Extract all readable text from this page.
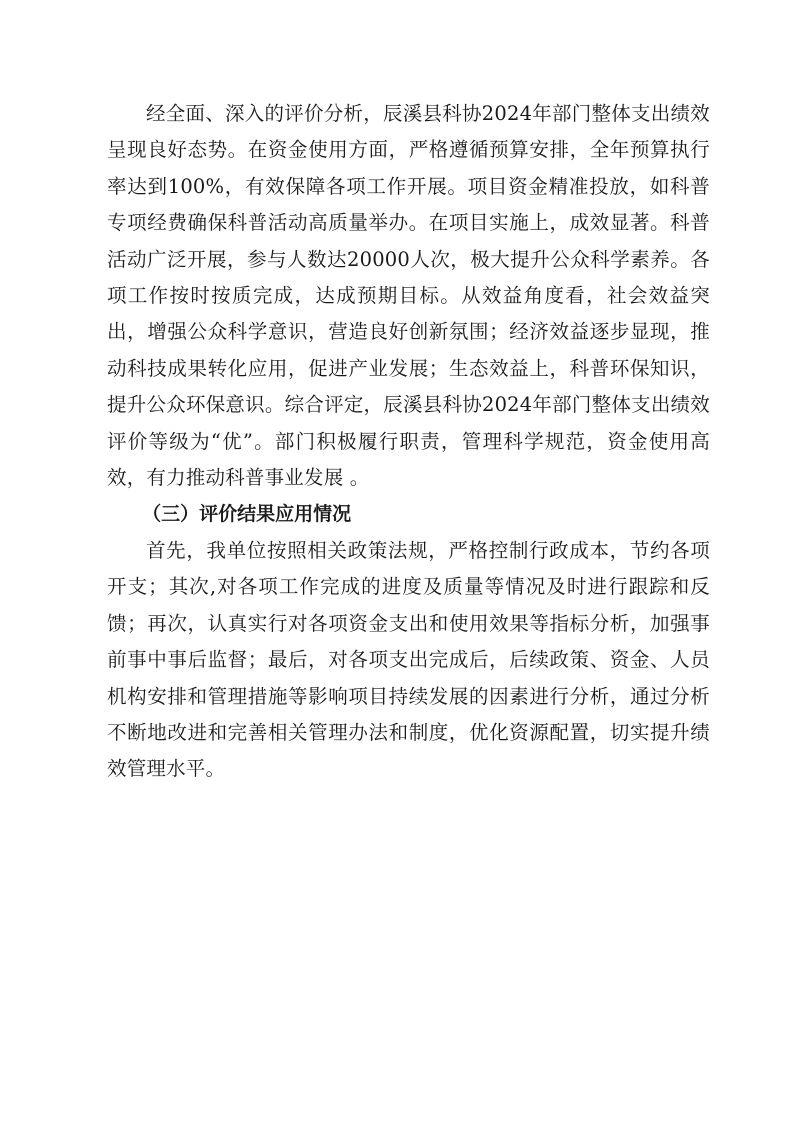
经全面、深入的评价分析，辰溪县科协2024年部门整体支出绩效呈现良好态势。在资金使用方面，严格遵循预算安排，全年预算执行率达到100%，有效保障各项工作开展。项目资金精准投放，如科普专项经费确保科普活动高质量举办。在项目实施上，成效显著。科普活动广泛开展，参与人数达20000人次，极大提升公众科学素养。各项工作按时按质完成，达成预期目标。从效益角度看，社会效益突出，增强公众科学意识，营造良好创新氛围；经济效益逐步显现，推动科技成果转化应用，促进产业发展；生态效益上，科普环保知识，提升公众环保意识。综合评定，辰溪县科协2024年部门整体支出绩效评价等级为“优”。部门积极履行职责，管理科学规范，资金使用高效，有力推动科普事业发展 。

（三）评价结果应用情况

首先，我单位按照相关政策法规，严格控制行政成本，节约各项开支；其次,对各项工作完成的进度及质量等情况及时进行跟踪和反馈；再次，认真实行对各项资金支出和使用效果等指标分析，加强事前事中事后监督；最后，对各项支出完成后，后续政策、资金、人员机构安排和管理措施等影响项目持续发展的因素进行分析，通过分析不断地改进和完善相关管理办法和制度，优化资源配置，切实提升绩效管理水平。
